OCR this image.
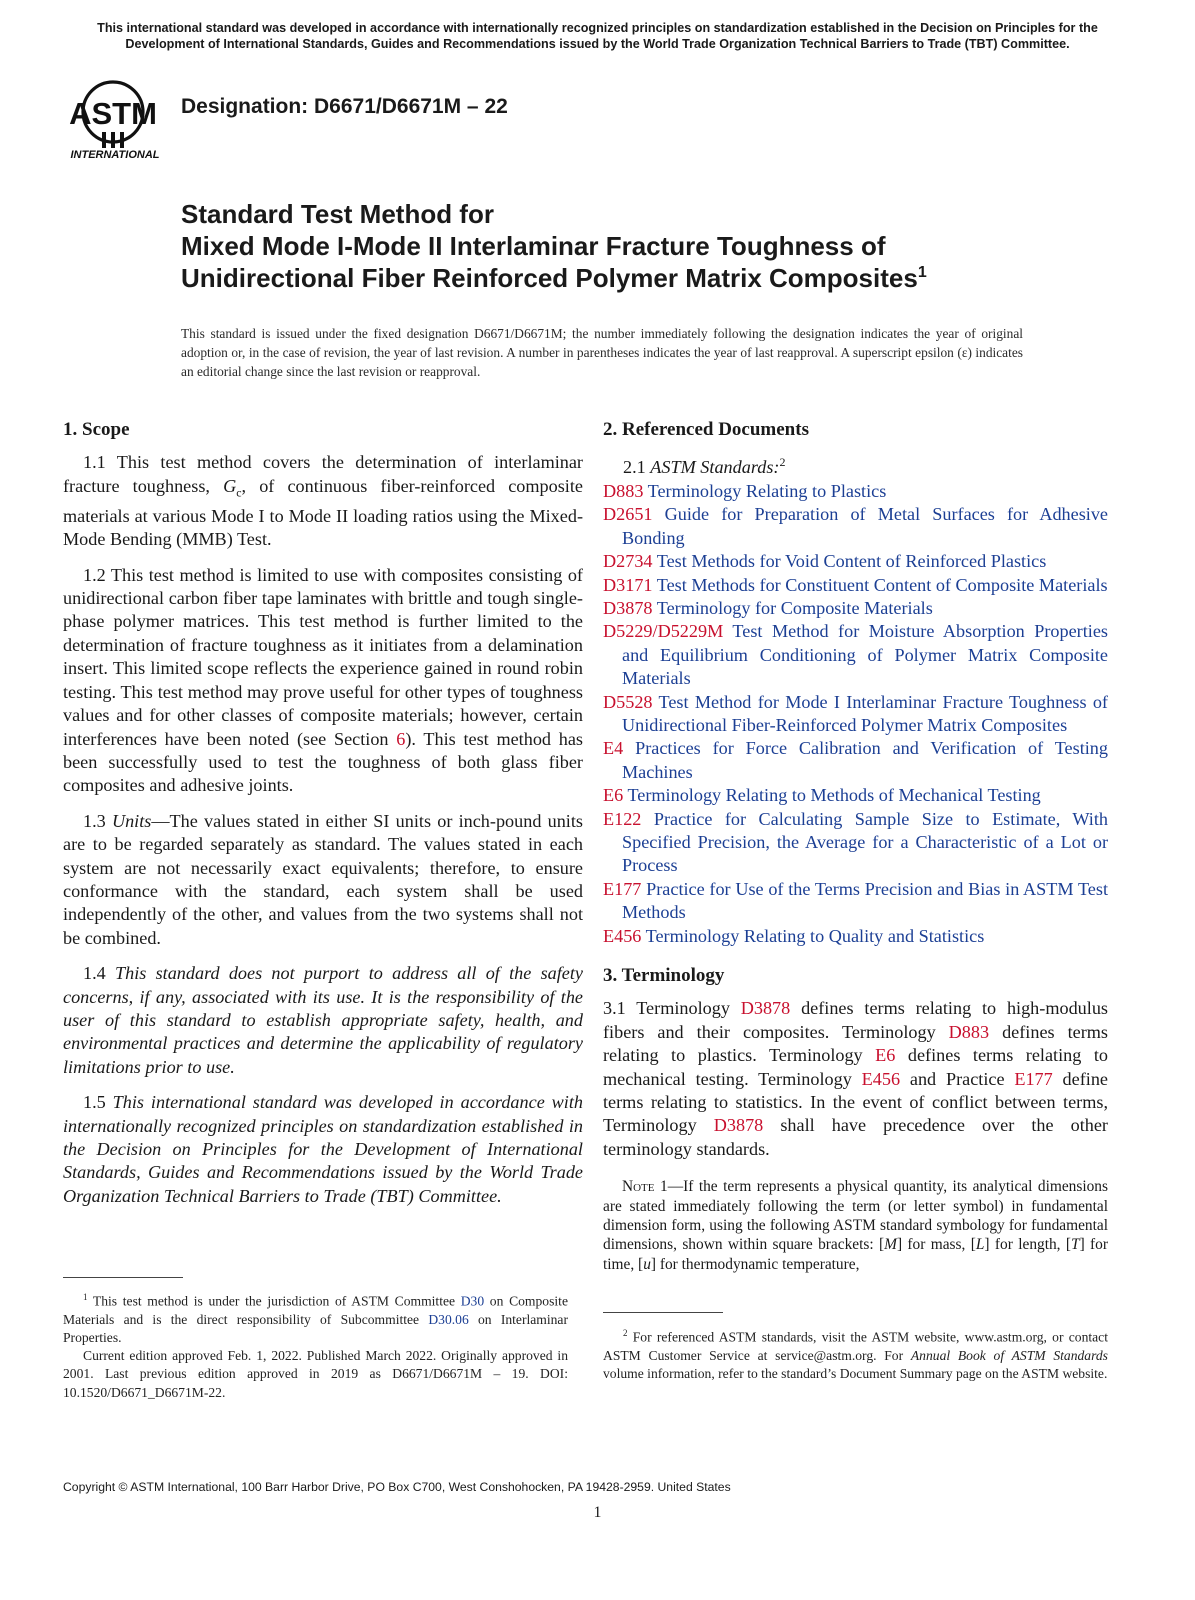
This international standard was developed in accordance with internationally recognized principles on standardization established in the Decision on Principles for the Development of International Standards, Guides and Recommendations issued by the World Trade Organization Technical Barriers to Trade (TBT) Committee.
ASTM
INTERNATIONAL
Designation: D6671/D6671M – 22
Standard Test Method for
Mixed Mode I-Mode II Interlaminar Fracture Toughness of
Unidirectional Fiber Reinforced Polymer Matrix Composites$^1$
This standard is issued under the fixed designation D6671/D6671M; the number immediately following the designation indicates the year of original adoption or, in the case of revision, the year of last revision. A number in parentheses indicates the year of last reapproval. A superscript epsilon (ε) indicates an editorial change since the last revision or reapproval.
1. Scope

1.1 This test method covers the determination of interlaminar fracture toughness, $G_c$, of continuous fiber-reinforced composite materials at various Mode I to Mode II loading ratios using the Mixed-Mode Bending (MMB) Test.

1.2 This test method is limited to use with composites consisting of unidirectional carbon fiber tape laminates with brittle and tough single-phase polymer matrices. This test method is further limited to the determination of fracture toughness as it initiates from a delamination insert. This limited scope reflects the experience gained in round robin testing. This test method may prove useful for other types of toughness values and for other classes of composite materials; however, certain interferences have been noted (see Section 6). This test method has been successfully used to test the toughness of both glass fiber composites and adhesive joints.

1.3 Units—The values stated in either SI units or inch-pound units are to be regarded separately as standard. The values stated in each system are not necessarily exact equivalents; therefore, to ensure conformance with the standard, each system shall be used independently of the other, and values from the two systems shall not be combined.

1.4 This standard does not purport to address all of the safety concerns, if any, associated with its use. It is the responsibility of the user of this standard to establish appropriate safety, health, and environmental practices and determine the applicability of regulatory limitations prior to use.

1.5 This international standard was developed in accordance with internationally recognized principles on standardization established in the Decision on Principles for the Development of International Standards, Guides and Recommendations issued by the World Trade Organization Technical Barriers to Trade (TBT) Committee.

$^1$ This test method is under the jurisdiction of ASTM Committee D30 on Composite Materials and is the direct responsibility of Subcommittee D30.06 on Interlaminar Properties.

Current edition approved Feb. 1, 2022. Published March 2022. Originally approved in 2001. Last previous edition approved in 2019 as D6671/D6671M – 19. DOI: 10.1520/D6671_D6671M-22.

2. Referenced Documents

2.1 ASTM Standards:$^2$

D883 Terminology Relating to Plastics

D2651 Guide for Preparation of Metal Surfaces for Adhesive Bonding

D2734 Test Methods for Void Content of Reinforced Plastics

D3171 Test Methods for Constituent Content of Composite Materials

D3878 Terminology for Composite Materials

D5229/D5229M Test Method for Moisture Absorption Properties and Equilibrium Conditioning of Polymer Matrix Composite Materials

D5528 Test Method for Mode I Interlaminar Fracture Toughness of Unidirectional Fiber-Reinforced Polymer Matrix Composites

E4 Practices for Force Calibration and Verification of Testing Machines

E6 Terminology Relating to Methods of Mechanical Testing

E122 Practice for Calculating Sample Size to Estimate, With Specified Precision, the Average for a Characteristic of a Lot or Process

E177 Practice for Use of the Terms Precision and Bias in ASTM Test Methods

E456 Terminology Relating to Quality and Statistics

3. Terminology

3.1 Terminology D3878 defines terms relating to high-modulus fibers and their composites. Terminology D883 defines terms relating to plastics. Terminology E6 defines terms relating to mechanical testing. Terminology E456 and Practice E177 define terms relating to statistics. In the event of conflict between terms, Terminology D3878 shall have precedence over the other terminology standards.

Note 1—If the term represents a physical quantity, its analytical dimensions are stated immediately following the term (or letter symbol) in fundamental dimension form, using the following ASTM standard symbology for fundamental dimensions, shown within square brackets: [M] for mass, [L] for length, [T] for time, [u] for thermodynamic temperature,

$^2$ For referenced ASTM standards, visit the ASTM website, www.astm.org, or contact ASTM Customer Service at service@astm.org. For Annual Book of ASTM Standards volume information, refer to the standard’s Document Summary page on the ASTM website.

Copyright © ASTM International, 100 Barr Harbor Drive, PO Box C700, West Conshohocken, PA 19428-2959. United States
1
